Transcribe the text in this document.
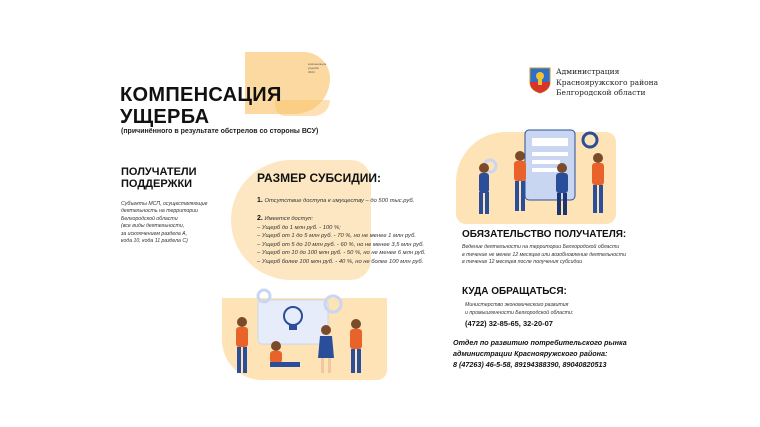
компенсация
ущерба
2024
КОМПЕНСАЦИЯ
УЩЕРБА
(причинённого в результате обстрелов со стороны ВСУ)
Администрация
Краснояружского района
Белгородской области
ПОЛУЧАТЕЛИ
ПОДДЕРЖКИ
Субъекты МСП, осуществляющие
деятельность на территории
Белгородской области
(все виды деятельности,
за исключением раздела А,
кода 10, кода 11 раздела С)
РАЗМЕР СУБСИДИИ:
1. Отсутствие доступа к имуществу – до 500 тыс.руб.
2. Имеется доступ:
– Ущерб до 1 млн руб. - 100 %;
– Ущерб от 1 до 5 млн руб. - 70 %, но не менее 1 млн руб.
– Ущерб от 5 до 10 млн руб. - 60 %, но не менее 3,5 млн руб.
– Ущерб от 10 до 100 млн руб. - 50 %, но не менее 6 млн руб.
– Ущерб более 100 млн руб. - 40 %, но не более 100 млн руб.
ОБЯЗАТЕЛЬСТВО ПОЛУЧАТЕЛЯ:
Ведение деятельности на территории Белгородской области
в течение не менее 12 месяцев или возобновление деятельности
в течение 12 месяцев после получения субсидии
КУДА ОБРАЩАТЬСЯ:
Министерство экономического развития
и промышленности Белгородской области:
(4722) 32-85-65, 32-20-07
Отдел по развитию потребительского рынка
администрации Краснояружского района:
8 (47263) 46-5-58, 89194388390, 89040820513
